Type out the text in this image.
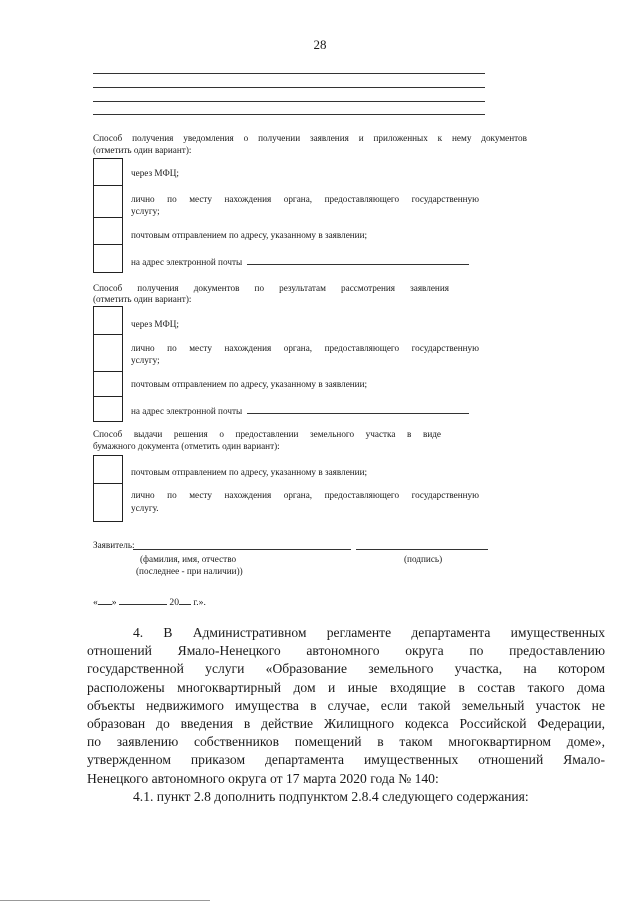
28
Способ получения уведомления о получении заявления и приложенных к нему документов
(отметить один вариант):
через МФЦ;
лично по месту нахождения органа, предоставляющего государственную
услугу;
почтовым отправлением по адресу, указанному в заявлении;
на адрес электронной почты
Способ получения документов по результатам рассмотрения заявления
(отметить один вариант):
через МФЦ;
лично по месту нахождения органа, предоставляющего государственную
услугу;
почтовым отправлением по адресу, указанному в заявлении;
на адрес электронной почты
Способ выдачи решения о предоставлении земельного участка в виде
бумажного документа (отметить один вариант):
почтовым отправлением по адресу, указанному в заявлении;
лично по месту нахождения органа, предоставляющего государственную
услугу.
Заявитель:
(фамилия, имя, отчество
(последнее - при наличии))
(подпись)
« »	20 г.».

4. В Административном регламенте департамента имущественных

отношений Ямало-Ненецкого автономного округа по предоставлению

государственной услуги «Образование земельного участка, на котором

расположены многоквартирный дом и иные входящие в состав такого дома

объекты недвижимого имущества в случае, если такой земельный участок не

образован до введения в действие Жилищного кодекса Российской Федерации,

по заявлению собственников помещений в таком многоквартирном доме»,

утвержденном приказом департамента имущественных отношений Ямало-

Ненецкого автономного округа от 17 марта 2020 года № 140:

4.1. пункт 2.8 дополнить подпунктом 2.8.4 следующего содержания:
